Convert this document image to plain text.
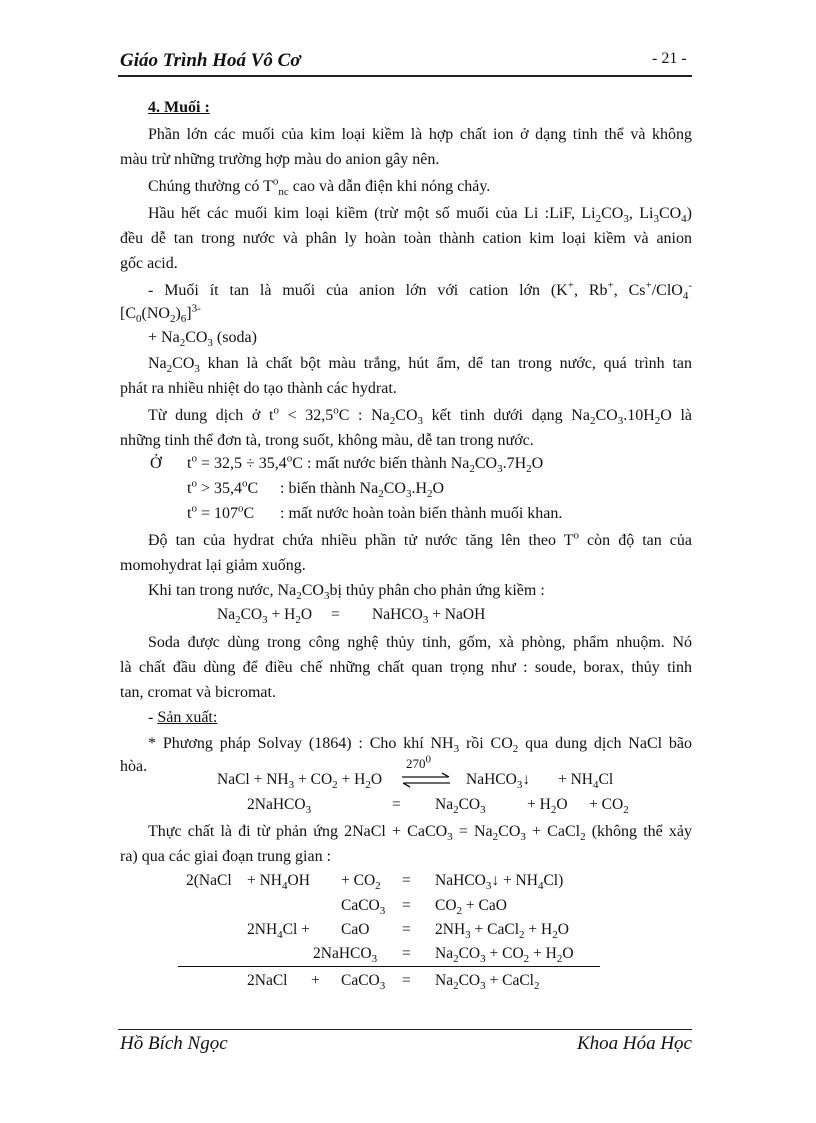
Giáo Trình Hoá Vô Cơ	- 21 -
4. Muối :
Phần lớn các muối của kim loại kiềm là hợp chất ion ở dạng tinh thể và không
màu trừ những trường hợp màu do anion gây nên.
Chúng thường có $T^o_{nc}$ cao và dẫn điện khi nóng chảy.
Hầu hết các muối kim loại kiềm (trừ một số muối của Li :LiF, $Li_2CO_3$, $Li_3CO_4$)
đều dễ tan trong nước và phân ly hoàn toàn thành cation kim loại kiềm và anion
gốc acid.
- Muối ít tan là muối của anion lớn với cation lớn (K+, Rb+, Cs+/ClO$_4$-
$[C_0(NO_2)_6]^{3-}$
+ $Na_2CO_3$ (soda)
$Na_2CO_3$ khan là chất bột màu trắng, hút ẩm, dể tan trong nước, quá trình tan
phát ra nhiều nhiệt do tạo thành các hydrat.
Từ dung dịch ở $t^o < 32,5^oC$ : $Na_2CO_3$ kết tinh dưới dạng $Na_2CO_3.10H_2O$ là
những tinh thể đơn tà, trong suốt, không màu, dễ tan trong nước.
Ở $t^o = 32,5 \div 35,4^oC$ : mất nước biến thành $Na_2CO_3.7H_2O$
$t^o > 35,4^oC$ : biến thành $Na_2CO_3.H_2O$
$t^o = 107^oC$ : mất nước hoàn toàn biến thành muối khan.
Độ tan của hydrat chứa nhiều phần tử nước tăng lên theo $T^o$ còn độ tan của
momohydrat lại giảm xuống.
Khi tan trong nước, $Na_2CO_3bị$ thủy phân cho phản ứng kiềm :
$Na_2CO_3 + H_2O$ = NaHCO$_3$ + NaOH
Soda được dùng trong công nghệ thủy tinh, gốm, xà phòng, phẩm nhuộm. Nó
là chất đầu dùng để điều chế những chất quan trọng như : soude, borax, thủy tinh
tan, cromat và bicromat.
- Sản xuất:
* Phương pháp Solvay (1864) : Cho khí $NH_3$ rồi $CO_2$ qua dung dịch NaCl bão
hòa.
NaCl + $NH_3 + CO_2 + H_2O$
$270^0$
⇌ NaHCO$_3$↓ + $NH_4Cl$
2NaHCO$_3$	= $Na_2CO_3$	+ $H_2O + CO_2$
Thực chất là đi từ phản ứng 2NaCl + CaCO$_3$ = $Na_2CO_3$ + CaCl$_2$ (không thể xảy
ra) qua các giai đoạn trung gian :
2(NaCl + $NH_4OH + CO_2$ = NaHCO$_3$↓ + $NH_4Cl$)
CaCO$_3$ = $CO_2$ + CaO
$2NH_4Cl$ + CaO = $2NH_3$ + CaCl$_2$ + $H_2O$
2NaHCO$_3$ = $Na_2CO_3 + CO_2 + H_2O$
2NaCl + CaCO$_3$ = $Na_2CO_3$ + CaCl$_2$
Hồ Bích Ngọc	Khoa Hóa Học
